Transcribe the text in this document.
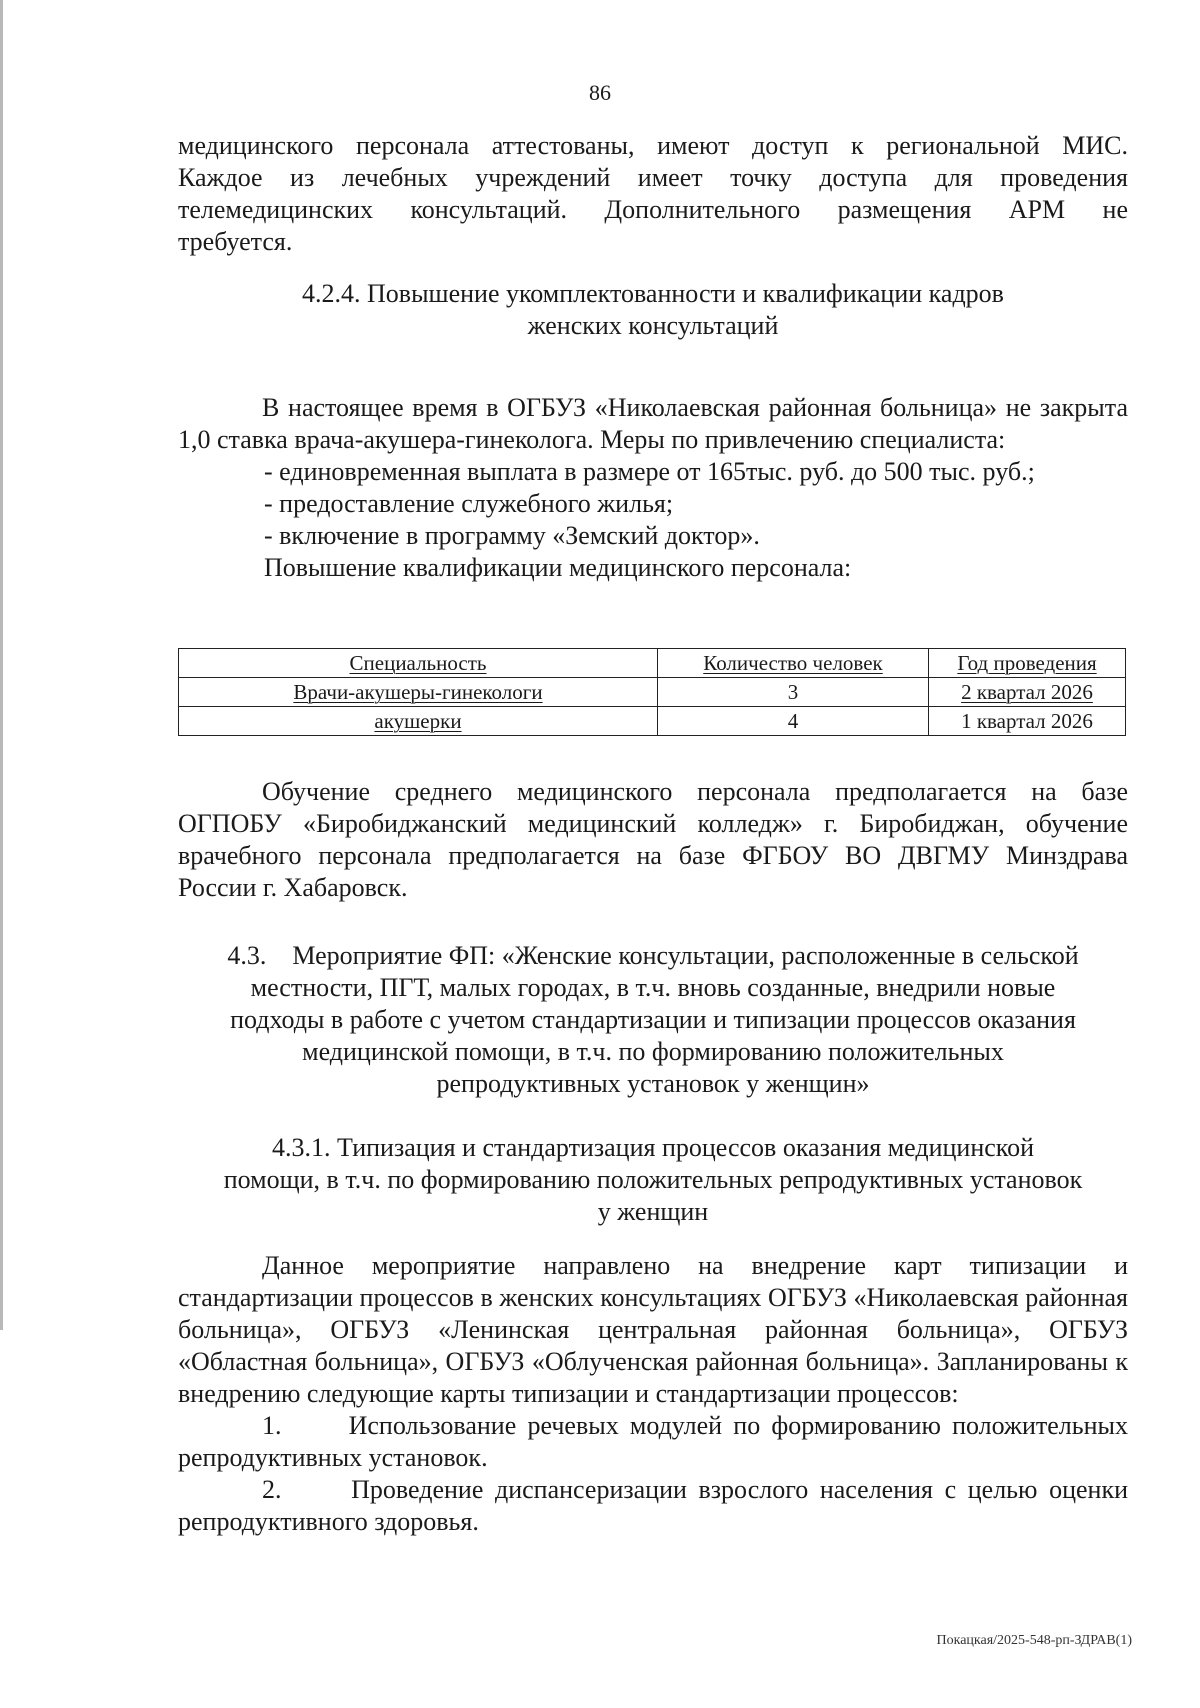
86

медицинского персонала аттестованы, имеют доступ к региональной МИС.

Каждое из лечебных учреждений имеет точку доступа для проведения

телемедицинских консультаций. Дополнительного размещения АРМ не

требуется.

4.2.4. Повышение укомплектованности и квалификации кадров

женских консультаций

В настоящее время в ОГБУЗ «Николаевская районная больница» не закрыта 1,0 ставка врача-акушера-гинеколога. Меры по привлечению специалиста:

- единовременная выплата в размере от 165тыс. руб. до 500 тыс. руб.;

- предоставление служебного жилья;

- включение в программу «Земский доктор».

Повышение квалификации медицинского персонала:

Специальность	Количество человек	Год проведения
Врачи-акушеры-гинекологи	3	2 квартал 2026
акушерки	4	1 квартал 2026

Обучение среднего медицинского персонала предполагается на базе ОГПОБУ «Биробиджанский медицинский колледж» г. Биробиджан, обучение врачебного персонала предполагается на базе ФГБОУ ВО ДВГМУ Минздрава России г. Хабаровск.

4.3.    Мероприятие ФП: «Женские консультации, расположенные в сельской

местности, ПГТ, малых городах, в т.ч. вновь созданные, внедрили новые

подходы в работе с учетом стандартизации и типизации процессов оказания

медицинской помощи, в т.ч. по формированию положительных

репродуктивных установок у женщин»

4.3.1. Типизация и стандартизация процессов оказания медицинской

помощи, в т.ч. по формированию положительных репродуктивных установок

у женщин

Данное мероприятие направлено на внедрение карт типизации и стандартизации процессов в женских консультациях ОГБУЗ «Николаевская районная больница», ОГБУЗ «Ленинская центральная районная больница», ОГБУЗ «Областная больница», ОГБУЗ «Облученская районная больница». Запланированы к внедрению следующие карты типизации и стандартизации процессов:

1.      Использование речевых модулей по формированию положительных репродуктивных установок.

2.      Проведение диспансеризации взрослого населения с целью оценки репродуктивного здоровья.

Покацкая/2025-548-рп-ЗДРАВ(1)
